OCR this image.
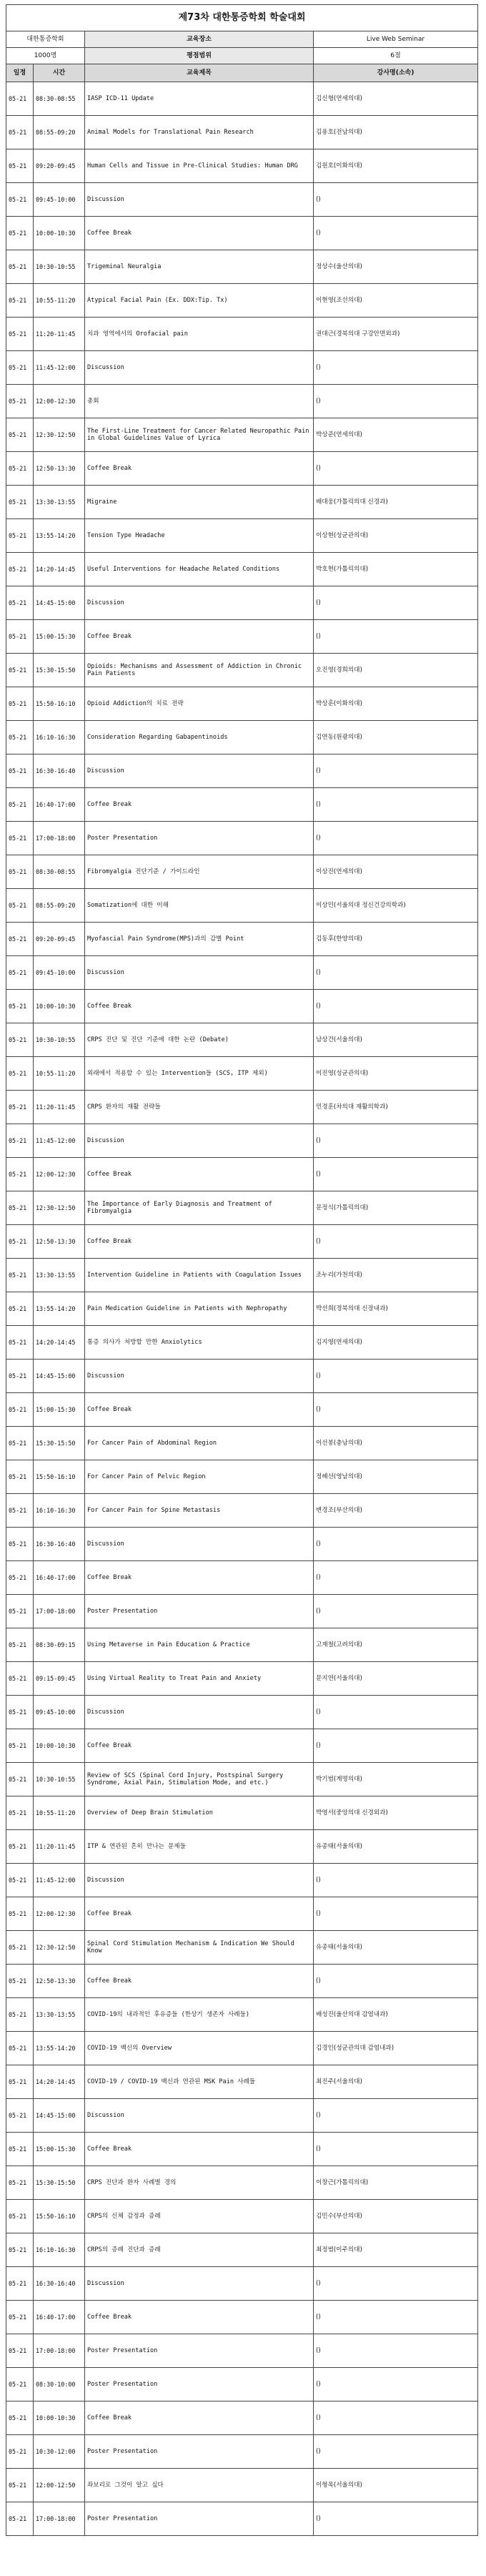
제73차 대한통증학회 학술대회			
대한통증학회		교육장소	Live Web Seminar
1000명		평점범위	6점
일정	시간	교육제목	강사명(소속)
05-21	08:30-08:55	IASP ICD-11 Update	김신형(연세의대)
05-21	08:55-09:20	Animal Models for Translational Pain Research	김용호(전남의대)
05-21	09:20-09:45	Human Cells and Tissue in Pre-Clinical Studies: Human DRG	김원호(이화의대)
05-21	09:45-10:00	Discussion	()
05-21	10:00-10:30	Coffee Break	()
05-21	10:30-10:55	Trigeminal Neuralgia	정상수(울산의대)
05-21	10:55-11:20	Atypical Facial Pain (Ex. DDX:Tip. Tx)	이현영(조선의대)
05-21	11:20-11:45	치과 영역에서의 Orofacial pain	권대근(경북의대 구강안면외과)
05-21	11:45-12:00	Discussion	()
05-21	12:00-12:30	총회	()
05-21	12:30-12:50	The First-Line Treatment for Cancer Related Neuropathic Pain in Global Guidelines Value of Lyrica	박상준(연세의대)
05-21	12:50-13:30	Coffee Break	()
05-21	13:30-13:55	Migraine	배대웅(가톨릭의대 신경과)
05-21	13:55-14:20	Tension Type Headache	이상현(성균관의대)
05-21	14:20-14:45	Useful Interventions for Headache Related Conditions	박호현(가톨릭의대)
05-21	14:45-15:00	Discussion	()
05-21	15:00-15:30	Coffee Break	()
05-21	15:30-15:50	Opioids: Mechanisms and Assessment of Addiction in Chronic Pain Patients	오진영(경희의대)
05-21	15:50-16:10	Opioid Addiction의 치료 전략	박상훈(이화의대)
05-21	16:10-16:30	Consideration Regarding Gabapentinoids	김연동(원광의대)
05-21	16:30-16:40	Discussion	()
05-21	16:40-17:00	Coffee Break	()
05-21	17:00-18:00	Poster Presentation	()
05-21	08:30-08:55	Fibromyalgia 진단기준 / 가이드라인	이상진(연세의대)
05-21	08:55-09:20	Somatization에 대한 이해	이상민(서울의대 정신건강의학과)
05-21	09:20-09:45	Myofascial Pain Syndrome(MPS)과의 감별 Point	김동후(한양의대)
05-21	09:45-10:00	Discussion	()
05-21	10:00-10:30	Coffee Break	()
05-21	10:30-10:55	CRPS 진단 및 진단 기준에 대한 논란 (Debate)	남상건(서울의대)
05-21	10:55-11:20	외래에서 적용할 수 있는 Intervention들 (SCS, ITP 제외)	이진영(성균관의대)
05-21	11:20-11:45	CRPS 환자의 재활 전략들	민경훈(차의대 재활의학과)
05-21	11:45-12:00	Discussion	()
05-21	12:00-12:30	Coffee Break	()
05-21	12:30-12:50	The Importance of Early Diagnosis and Treatment of Fibromyalgia	문정식(가톨릭의대)
05-21	12:50-13:30	Coffee Break	()
05-21	13:30-13:55	Intervention Guideline in Patients with Coagulation Issues	조누리(가천의대)
05-21	13:55-14:20	Pain Medication Guideline in Patients with Nephropathy	박선희(경북의대 신장내과)
05-21	14:20-14:45	통증 의사가 처방할 만한 Anxiolytics	김지영(연세의대)
05-21	14:45-15:00	Discussion	()
05-21	15:00-15:30	Coffee Break	()
05-21	15:30-15:50	For Cancer Pain of Abdominal Region	이선봉(충남의대)
05-21	15:50-16:10	For Cancer Pain of Pelvic Region	정혜선(영남의대)
05-21	16:10-16:30	For Cancer Pain for Spine Metastasis	변경조(부산의대)
05-21	16:30-16:40	Discussion	()
05-21	16:40-17:00	Coffee Break	()
05-21	17:00-18:00	Poster Presentation	()
05-21	08:30-09:15	Using Metaverse in Pain Education & Practice	고재철(고려의대)
05-21	09:15-09:45	Using Virtual Reality to Treat Pain and Anxiety	문지연(서울의대)
05-21	09:45-10:00	Discussion	()
05-21	10:00-10:30	Coffee Break	()
05-21	10:30-10:55	Review of SCS (Spinal Cord Injury, Postspinal Surgery Syndrome, Axial Pain, Stimulation Mode, and etc.)	박기범(계명의대)
05-21	10:55-11:20	Overview of Deep Brain Stimulation	박영서(중앙의대 신경외과)
05-21	11:20-11:45	ITP & 연관된 흔히 만나는 문제들	유종태(서울의대)
05-21	11:45-12:00	Discussion	()
05-21	12:00-12:30	Coffee Break	()
05-21	12:30-12:50	Spinal Cord Stimulation Mechanism & Indication We Should Know	유종태(서울의대)
05-21	12:50-13:30	Coffee Break	()
05-21	13:30-13:55	COVID-19의 내과적인 후유증들 (한상기 생존자 사례들)	배성진(울산의대 감염내과)
05-21	13:55-14:20	COVID-19 백신의 Overview	김경인(성균관의대 감염내과)
05-21	14:20-14:45	COVID-19 / COVID-19 백신과 연관된 MSK Pain 사례들	최진주(서울의대)
05-21	14:45-15:00	Discussion	()
05-21	15:00-15:30	Coffee Break	()
05-21	15:30-15:50	CRPS 진단과 환자 사례별 경의	이창근(가톨릭의대)
05-21	15:50-16:10	CRPS의 신체 감정과 증례	김민수(부산의대)
05-21	16:10-16:30	CRPS의 증례 진단과 증례	최정범(이주의대)
05-21	16:30-16:40	Discussion	()
05-21	16:40-17:00	Coffee Break	()
05-21	17:00-18:00	Poster Presentation	()
05-21	08:30-10:00	Poster Presentation	()
05-21	10:00-10:30	Coffee Break	()
05-21	10:30-12:00	Poster Presentation	()
05-21	12:00-12:50	좌보리로 그것이 알고 싶다	이형목(서울의대)
05-21	17:00-18:00	Poster Presentation	()
